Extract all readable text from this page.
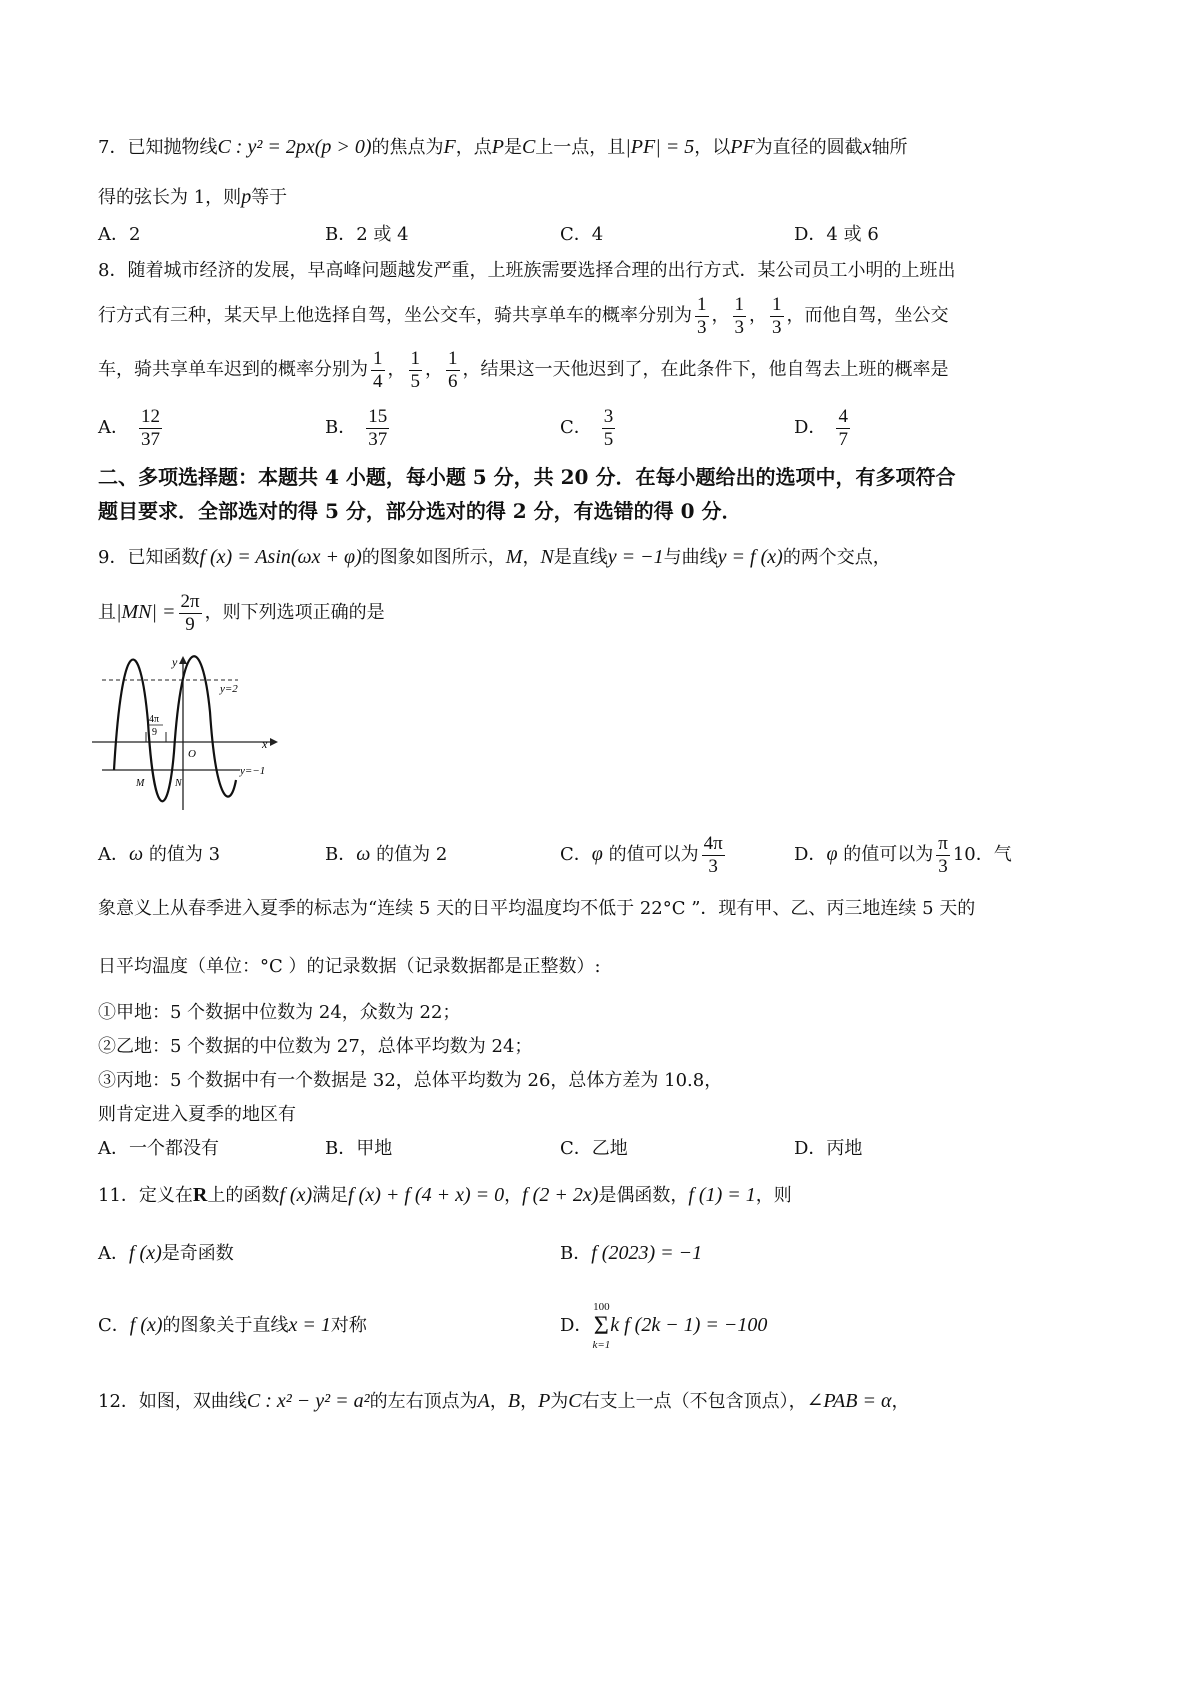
7．已知抛物线C : y² = 2px(p > 0)的焦点为F，点P是C上一点，且|PF| = 5，以PF为直径的圆截x轴所
得的弦长为 1，则p等于
A．2	B．2 或 4	C．4	D．4 或 6
8．随着城市经济的发展，早高峰问题越发严重，上班族需要选择合理的出行方式．某公司员工小明的上班出
行方式有三种，某天早上他选择自驾，坐公交车，骑共享单车的概率分别为 $\frac{1}{3}$ ， $\frac{1}{3}$ ， $\frac{1}{3}$ ，而他自驾，坐公交
车，骑共享单车迟到的概率分别为 $\frac{1}{4}$ ， $\frac{1}{5}$ ， $\frac{1}{6}$ ，结果这一天他迟到了，在此条件下，他自驾去上班的概率是
A． $\frac{12}{37}$	B． $\frac{15}{37}$	C． $\frac{3}{5}$	D． $\frac{4}{7}$
二、多项选择题：本题共 4 小题，每小题 5 分，共 20 分．在每小题给出的选项中，有多项符合
题目要求．全部选对的得 5 分，部分选对的得 2 分，有选错的得 0 分．
9．已知函数f (x) = Asin(ωx + φ)的图象如图所示，M，N是直线y = −1与曲线y = f (x)的两个交点，
且$|MN| = \frac{2\pi}{9}$ ，则下列选项正确的是
y
x
O
M	N
y=2
y=−1
4π
9
A．ω 的值为 3	B．ω 的值为 2	C．φ 的值可以为 $\frac{4\pi}{3}$	D．φ 的值可以为 $\frac{\pi}{3} 10$．气
象意义上从春季进入夏季的标志为“连续 5 天的日平均温度均不低于 22°C ”．现有甲、乙、丙三地连续 5 天的
日平均温度（单位：°C ）的记录数据（记录数据都是正整数）:
①甲地：5 个数据中位数为 24，众数为 22；
②乙地：5 个数据的中位数为 27，总体平均数为 24；
③丙地：5 个数据中有一个数据是 32，总体平均数为 26，总体方差为 10.8，
则肯定进入夏季的地区有
A．一个都没有	B．甲地	C．乙地	D．丙地
11．定义在R上的函数f (x)满足f (x) + f (4 + x) = 0，f (2 + 2x)是偶函数，f (1) = 1，则
A．f (x)是奇函数	B．f (2023) = −1
C．f (x)的图象关于直线x = 1对称	D．
100
Σ
k=1
k f (2k − 1) = −100
12．如图，双曲线C : x² − y² = a²的左右顶点为A，B，P为C右支上一点（不包含顶点），∠PAB = α，
